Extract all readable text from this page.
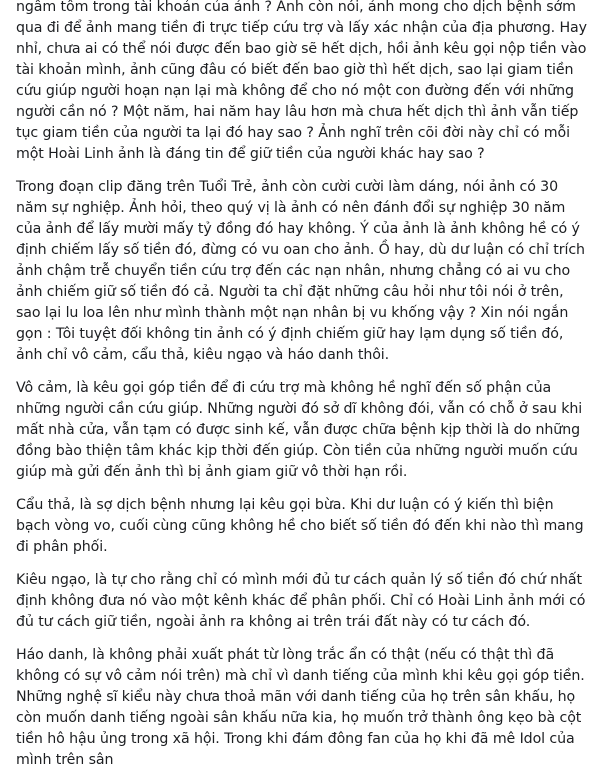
ngâm tôm trong tài khoản của ảnh ? Ảnh còn nói, ảnh mong cho dịch bệnh sớm qua đi để ảnh mang tiền đi trực tiếp cứu trợ và lấy xác nhận của địa phương. Hay nhỉ, chưa ai có thể nói được đến bao giờ sẽ hết dịch, hồi ảnh kêu gọi nộp tiền vào tài khoản mình, ảnh cũng đâu có biết đến bao giờ thì hết dịch, sao lại giam tiền cứu giúp người hoạn nạn lại mà không để cho nó một con đường đến với những người cần nó ? Một năm, hai năm hay lâu hơn mà chưa hết dịch thì ảnh vẫn tiếp tục giam tiền của người ta lại đó hay sao ? Ảnh nghĩ trên cõi đời này chỉ có mỗi một Hoài Linh ảnh là đáng tin để giữ tiền của người khác hay sao ?

Trong đoạn clip đăng trên Tuổi Trẻ, ảnh còn cười cười làm dáng, nói ảnh có 30 năm sự nghiệp. Ảnh hỏi, theo quý vị là ảnh có nên đánh đổi sự nghiệp 30 năm của ảnh để lấy mười mấy tỷ đồng đó hay không. Ý của ảnh là ảnh không hề có ý định chiếm lấy số tiền đó, đừng có vu oan cho ảnh. Ồ hay, dù dư luận có chỉ trích ảnh chậm trễ chuyển tiền cứu trợ đến các nạn nhân, nhưng chẳng có ai vu cho ảnh chiếm giữ số tiền đó cả. Người ta chỉ đặt những câu hỏi như tôi nói ở trên, sao lại lu loa lên như mình thành một nạn nhân bị vu khống vậy ? Xin nói ngắn gọn : Tôi tuyệt đối không tin ảnh có ý định chiếm giữ hay lạm dụng số tiền đó, ảnh chỉ vô cảm, cẩu thả, kiêu ngạo và háo danh thôi.

Vô cảm, là kêu gọi góp tiền để đi cứu trợ mà không hề nghĩ đến số phận của những người cần cứu giúp. Những người đó sở dĩ không đói, vẫn có chỗ ở sau khi mất nhà cửa, vẫn tạm có được sinh kế, vẫn được chữa bệnh kịp thời là do những đồng bào thiện tâm khác kịp thời đến giúp. Còn tiền của những người muốn cứu giúp mà gửi đến ảnh thì bị ảnh giam giữ vô thời hạn rồi.

Cẩu thả, là sợ dịch bệnh nhưng lại kêu gọi bừa. Khi dư luận có ý kiến thì biện bạch vòng vo, cuối cùng cũng không hề cho biết số tiền đó đến khi nào thì mang đi phân phối.

Kiêu ngạo, là tự cho rằng chỉ có mình mới đủ tư cách quản lý số tiền đó chứ nhất định không đưa nó vào một kênh khác để phân phối. Chỉ có Hoài Linh ảnh mới có đủ tư cách giữ tiền, ngoài ảnh ra không ai trên trái đất này có tư cách đó.

Háo danh, là không phải xuất phát từ lòng trắc ẩn có thật (nếu có thật thì đã không có sự vô cảm nói trên) mà chỉ vì danh tiếng của mình khi kêu gọi góp tiền. Những nghệ sĩ kiểu này chưa thoả mãn với danh tiếng của họ trên sân khấu, họ còn muốn danh tiếng ngoài sân khấu nữa kia, họ muốn trở thành ông kẹo bà cột tiền hô hậu ủng trong xã hội. Trong khi đám đông fan của họ khi đã mê Idol của mình trên sân
